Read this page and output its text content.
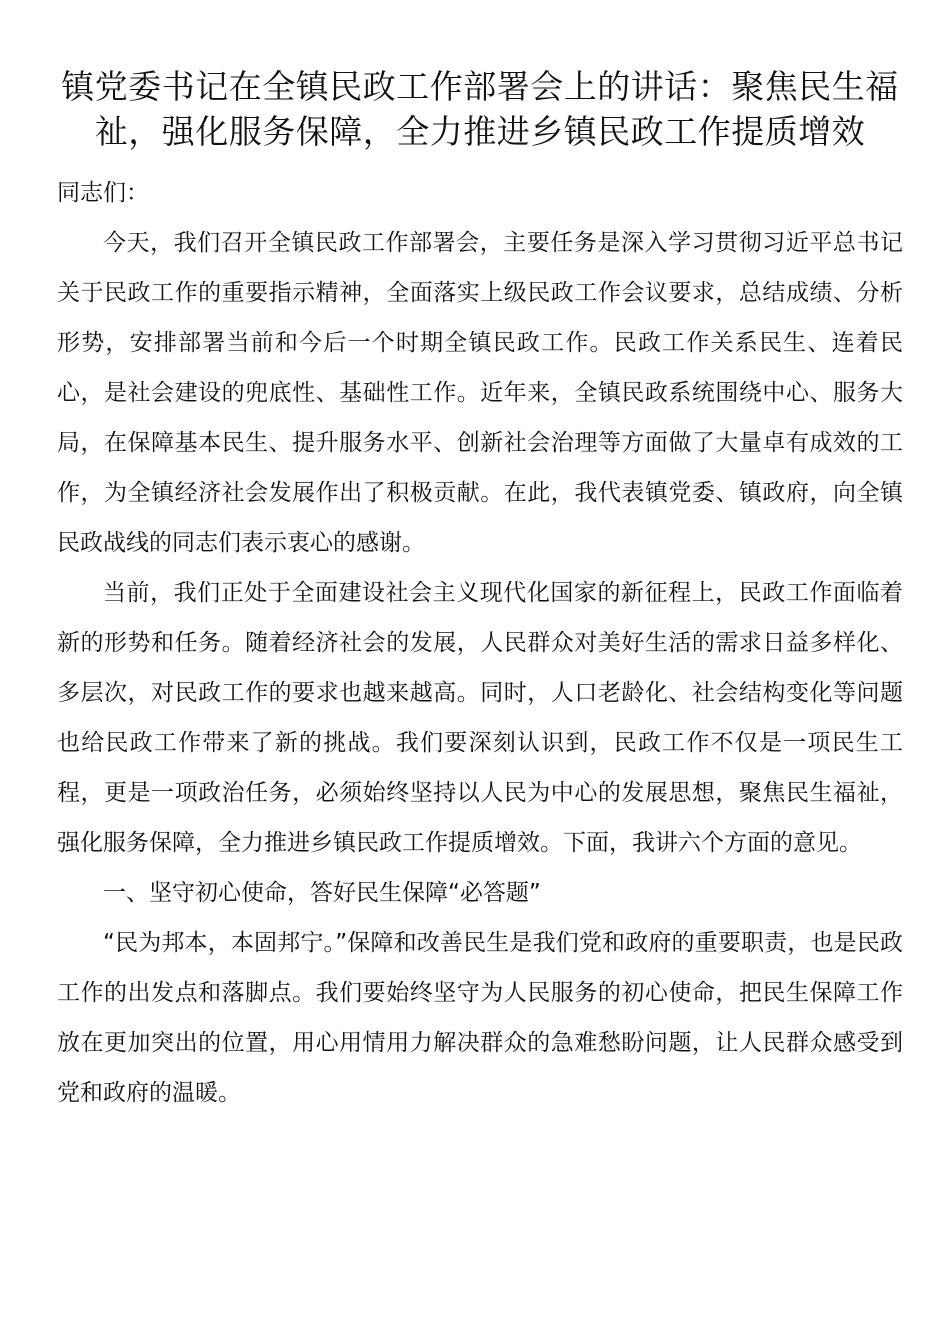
镇党委书记在全镇民政工作部署会上的讲话：聚焦民生福祉，强化服务保障，全力推进乡镇民政工作提质增效

同志们：

今天，我们召开全镇民政工作部署会，主要任务是深入学习贯彻习近平总书记关于民政工作的重要指示精神，全面落实上级民政工作会议要求，总结成绩、分析形势，安排部署当前和今后一个时期全镇民政工作。民政工作关系民生、连着民心，是社会建设的兜底性、基础性工作。近年来，全镇民政系统围绕中心、服务大局，在保障基本民生、提升服务水平、创新社会治理等方面做了大量卓有成效的工作，为全镇经济社会发展作出了积极贡献。在此，我代表镇党委、镇政府，向全镇民政战线的同志们表示衷心的感谢。

当前，我们正处于全面建设社会主义现代化国家的新征程上，民政工作面临着新的形势和任务。随着经济社会的发展，人民群众对美好生活的需求日益多样化、多层次，对民政工作的要求也越来越高。同时，人口老龄化、社会结构变化等问题也给民政工作带来了新的挑战。我们要深刻认识到，民政工作不仅是一项民生工程，更是一项政治任务，必须始终坚持以人民为中心的发展思想，聚焦民生福祉，强化服务保障，全力推进乡镇民政工作提质增效。下面，我讲六个方面的意见。

一、坚守初心使命，答好民生保障“必答题”

“民为邦本，本固邦宁。”保障和改善民生是我们党和政府的重要职责，也是民政工作的出发点和落脚点。我们要始终坚守为人民服务的初心使命，把民生保障工作放在更加突出的位置，用心用情用力解决群众的急难愁盼问题，让人民群众感受到党和政府的温暖。
